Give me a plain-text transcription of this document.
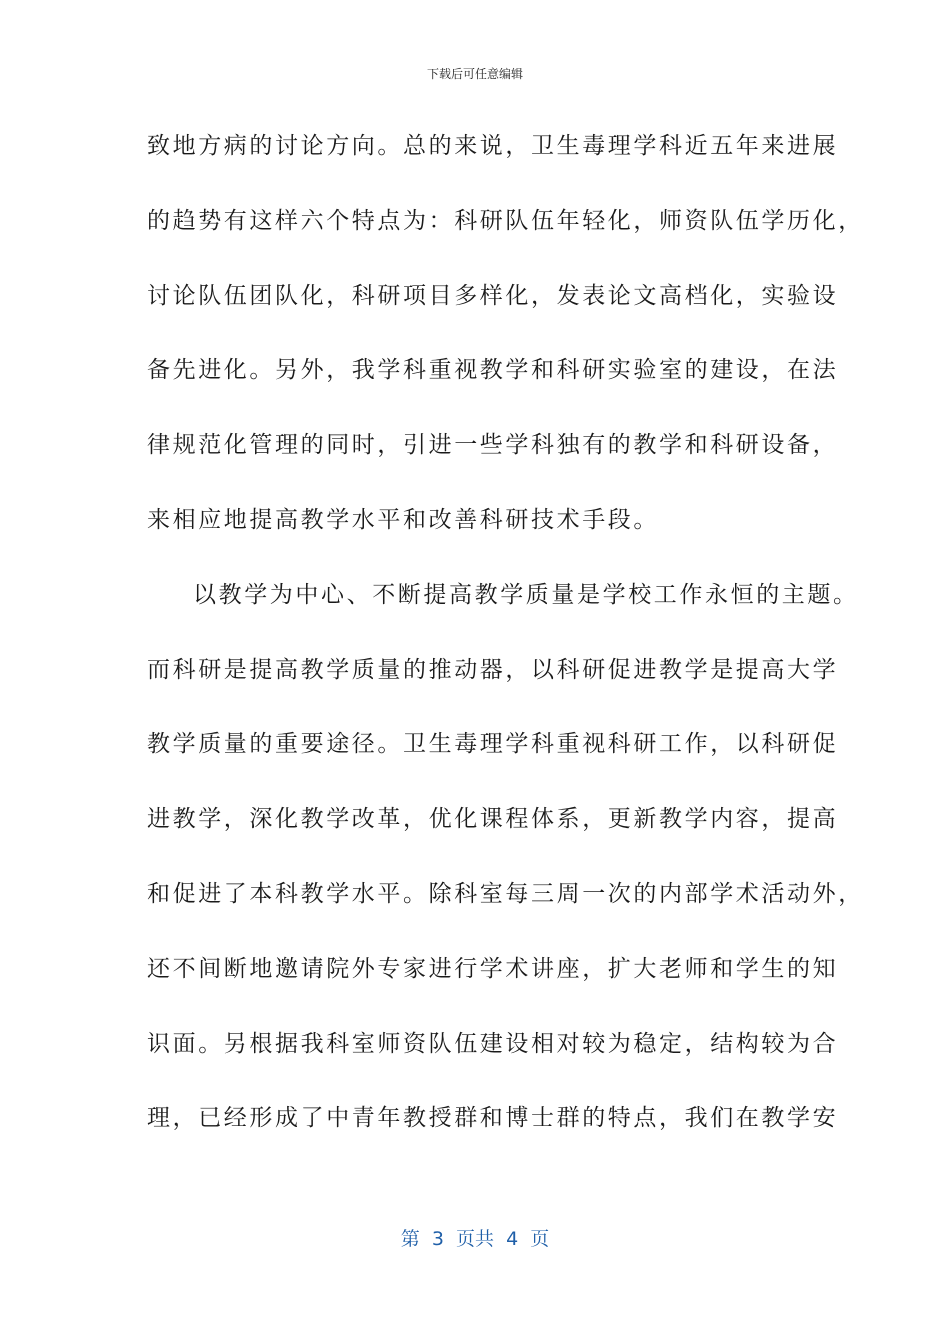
下载后可任意编辑
致地方病的讨论方向。总的来说，卫生毒理学科近五年来进展
的趋势有这样六个特点为：科研队伍年轻化，师资队伍学历化，
讨论队伍团队化，科研项目多样化，发表论文高档化，实验设
备先进化。另外，我学科重视教学和科研实验室的建设，在法
律规范化管理的同时，引进一些学科独有的教学和科研设备，
来相应地提高教学水平和改善科研技术手段。
以教学为中心、不断提高教学质量是学校工作永恒的主题。
而科研是提高教学质量的推动器，以科研促进教学是提高大学
教学质量的重要途径。卫生毒理学科重视科研工作，以科研促
进教学，深化教学改革，优化课程体系，更新教学内容，提高
和促进了本科教学水平。除科室每三周一次的内部学术活动外，
还不间断地邀请院外专家进行学术讲座，扩大老师和学生的知
识面。另根据我科室师资队伍建设相对较为稳定，结构较为合
理，已经形成了中青年教授群和博士群的特点，我们在教学安
第  3  页共  4  页
